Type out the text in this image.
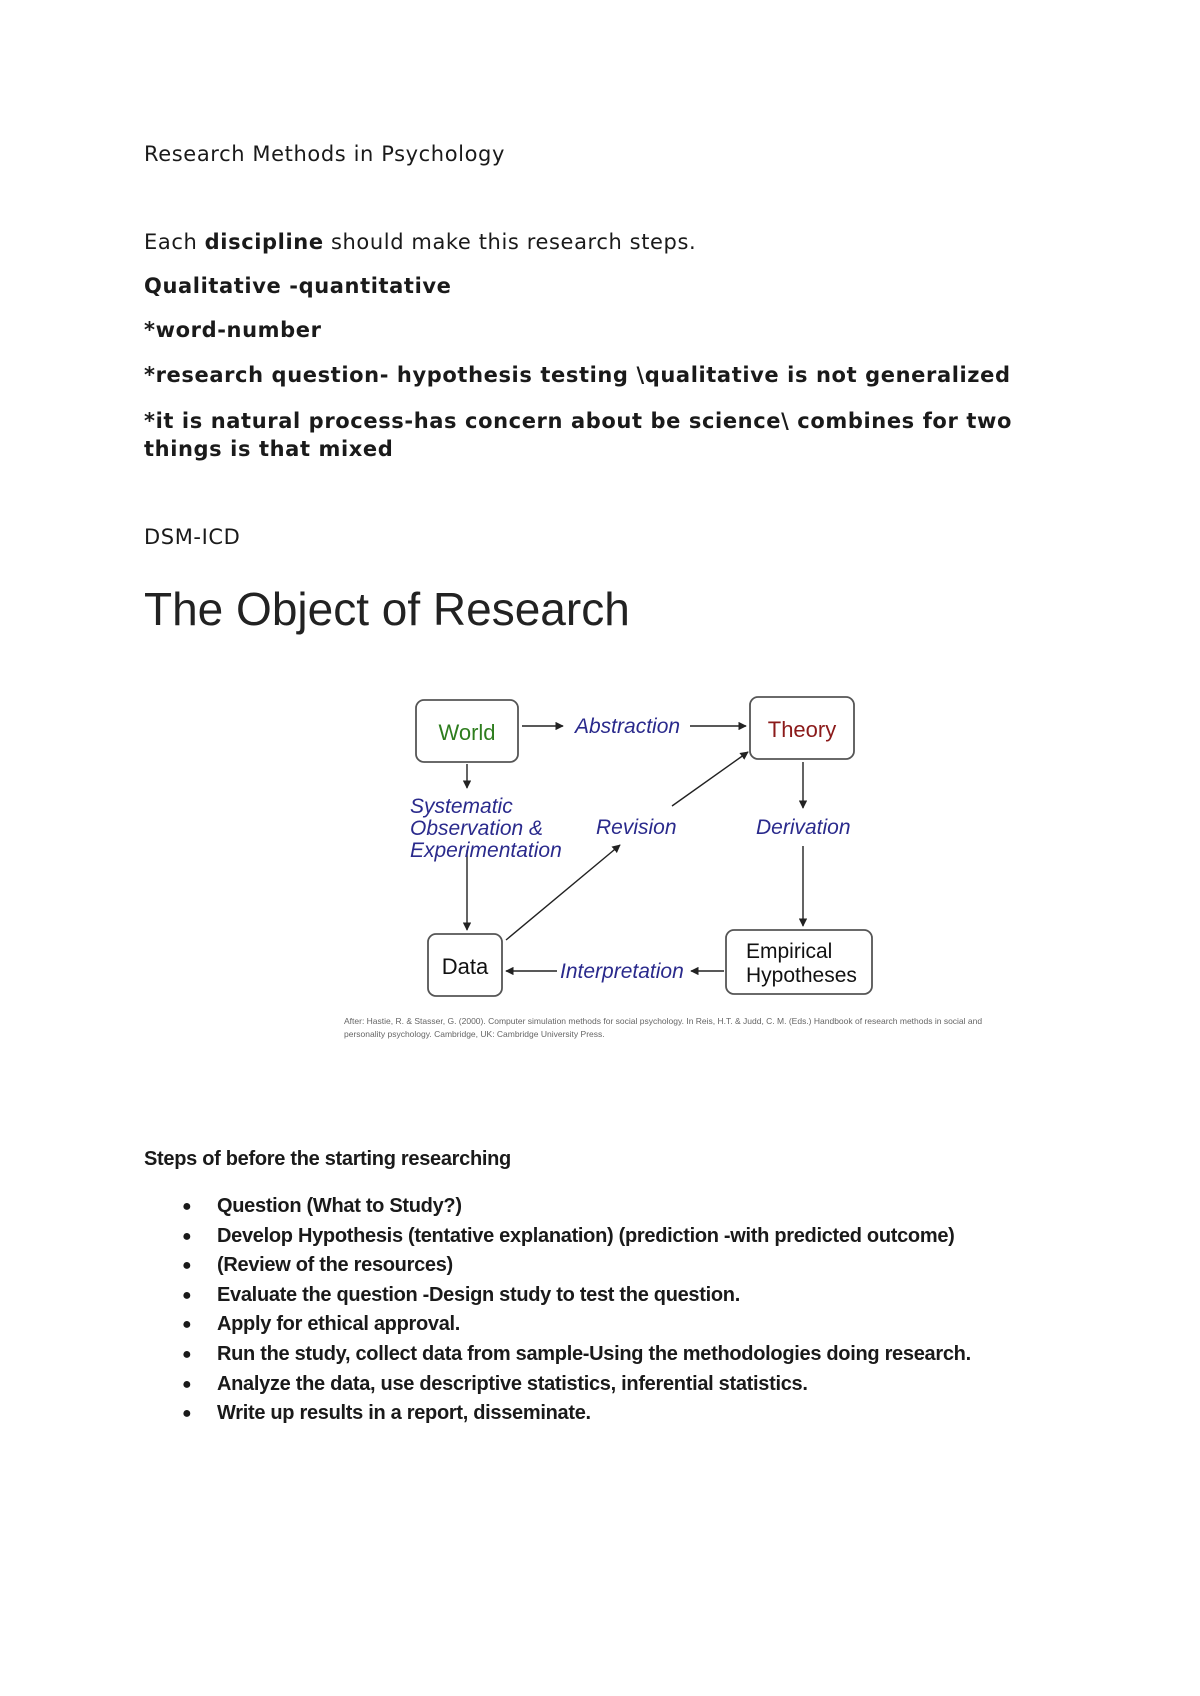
Research Methods in Psychology
Each discipline should make this research steps.
Qualitative -quantitative
*word-number
*research question- hypothesis testing \qualitative is not generalized
*it is natural process-has concern about be science\ combines for two things is that mixed
DSM-ICD
The Object of Research
World	Theory
Data
Empirical
Hypotheses
Abstraction
Systematic
Observation &
Experimentation
Revision	Derivation
Interpretation
After: Hastie, R. & Stasser, G. (2000). Computer simulation methods for social psychology. In Reis, H.T. & Judd, C. M. (Eds.) Handbook of research methods in social and personality psychology. Cambridge, UK: Cambridge University Press.
Steps of before the starting researching
● Question (What to Study?)
● Develop Hypothesis (tentative explanation) (prediction -with predicted outcome)
● (Review of the resources)
● Evaluate the question -Design study to test the question.
● Apply for ethical approval.
● Run the study, collect data from sample-Using the methodologies doing research.
● Analyze the data, use descriptive statistics, inferential statistics.
● Write up results in a report, disseminate.
